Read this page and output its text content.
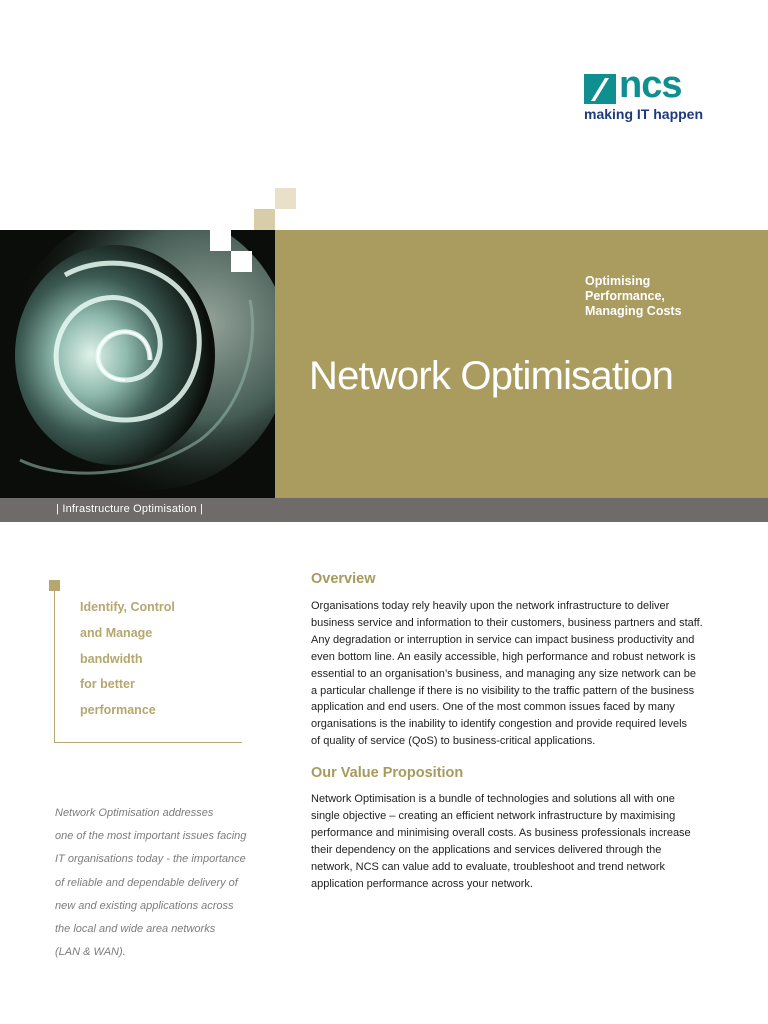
ncs
making IT happen
Optimising
Performance,
Managing Costs
Network Optimisation
| Infrastructure Optimisation |
Identify, Control
and Manage
bandwidth
for better
performance
Network Optimisation addresses
one of the most important issues facing
IT organisations today - the importance
of reliable and dependable delivery of
new and existing applications across
the local and wide area networks
(LAN & WAN).
Overview
Organisations today rely heavily upon the network infrastructure to deliver
business service and information to their customers, business partners and staff.
Any degradation or interruption in service can impact business productivity and
even bottom line. An easily accessible, high performance and robust network is
essential to an organisation’s business, and managing any size network can be
a particular challenge if there is no visibility to the traffic pattern of the business
application and end users. One of the most common issues faced by many
organisations is the inability to identify congestion and provide required levels
of quality of service (QoS) to business-critical applications.
Our Value Proposition
Network Optimisation is a bundle of technologies and solutions all with one
single objective – creating an efficient network infrastructure by maximising
performance and minimising overall costs. As business professionals increase
their dependency on the applications and services delivered through the
network, NCS can value add to evaluate, troubleshoot and trend network
application performance across your network.
